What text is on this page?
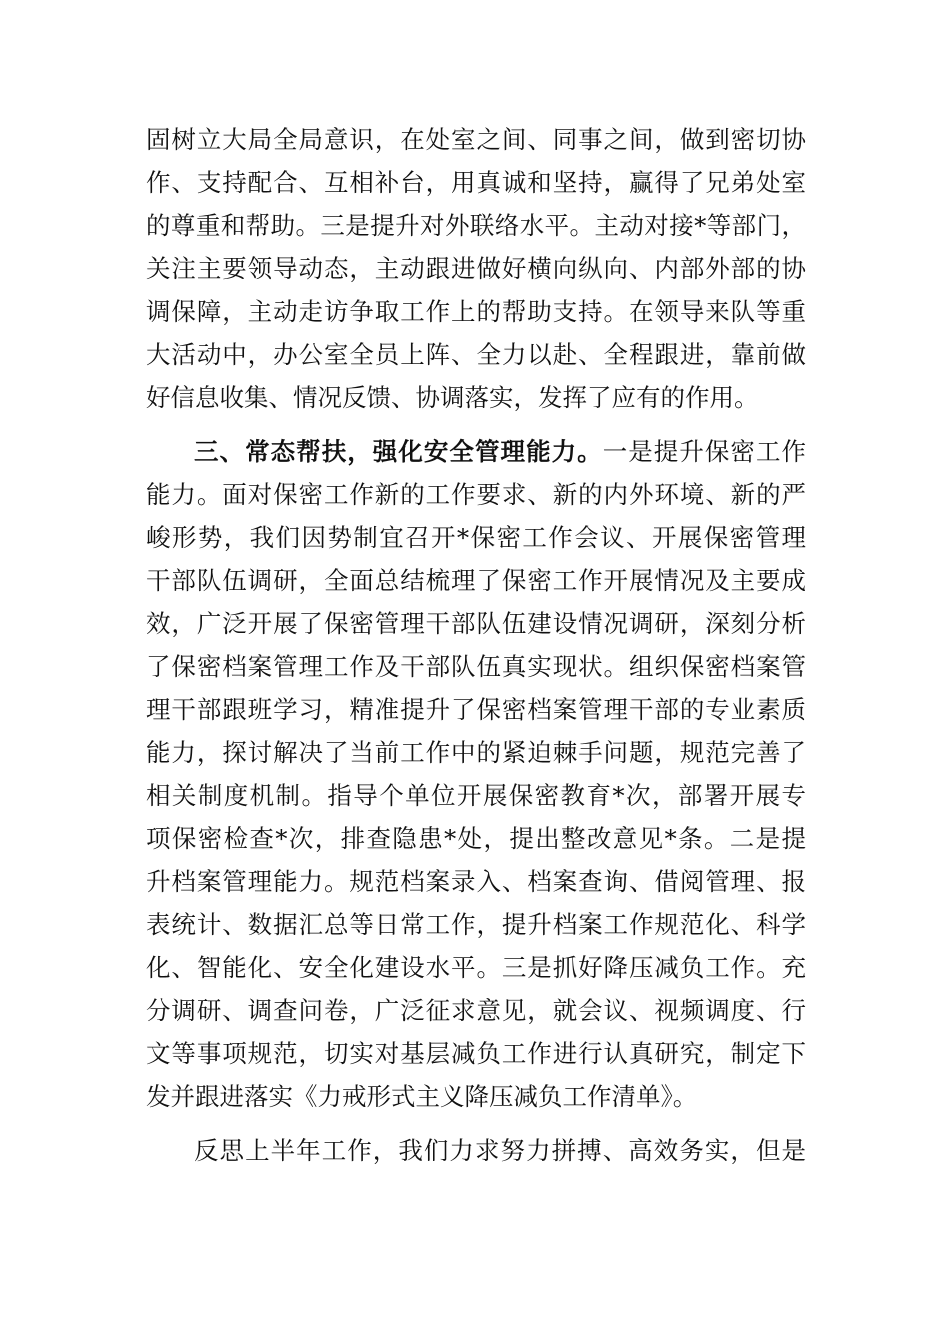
固树立大局全局意识，在处室之间、同事之间，做到密切协
作、支持配合、互相补台，用真诚和坚持，赢得了兄弟处室
的尊重和帮助。三是提升对外联络水平。主动对接*等部门，
关注主要领导动态，主动跟进做好横向纵向、内部外部的协
调保障，主动走访争取工作上的帮助支持。在领导来队等重
大活动中，办公室全员上阵、全力以赴、全程跟进，靠前做
好信息收集、情况反馈、协调落实，发挥了应有的作用。
三、常态帮扶，强化安全管理能力。一是提升保密工作
能力。面对保密工作新的工作要求、新的内外环境、新的严
峻形势，我们因势制宜召开*保密工作会议、开展保密管理
干部队伍调研，全面总结梳理了保密工作开展情况及主要成
效，广泛开展了保密管理干部队伍建设情况调研，深刻分析
了保密档案管理工作及干部队伍真实现状。组织保密档案管
理干部跟班学习，精准提升了保密档案管理干部的专业素质
能力，探讨解决了当前工作中的紧迫棘手问题，规范完善了
相关制度机制。指导个单位开展保密教育*次，部署开展专
项保密检查*次，排查隐患*处，提出整改意见*条。二是提
升档案管理能力。规范档案录入、档案查询、借阅管理、报
表统计、数据汇总等日常工作，提升档案工作规范化、科学
化、智能化、安全化建设水平。三是抓好降压减负工作。充
分调研、调查问卷，广泛征求意见，就会议、视频调度、行
文等事项规范，切实对基层减负工作进行认真研究，制定下
发并跟进落实《力戒形式主义降压减负工作清单》。
反思上半年工作，我们力求努力拼搏、高效务实，但是
